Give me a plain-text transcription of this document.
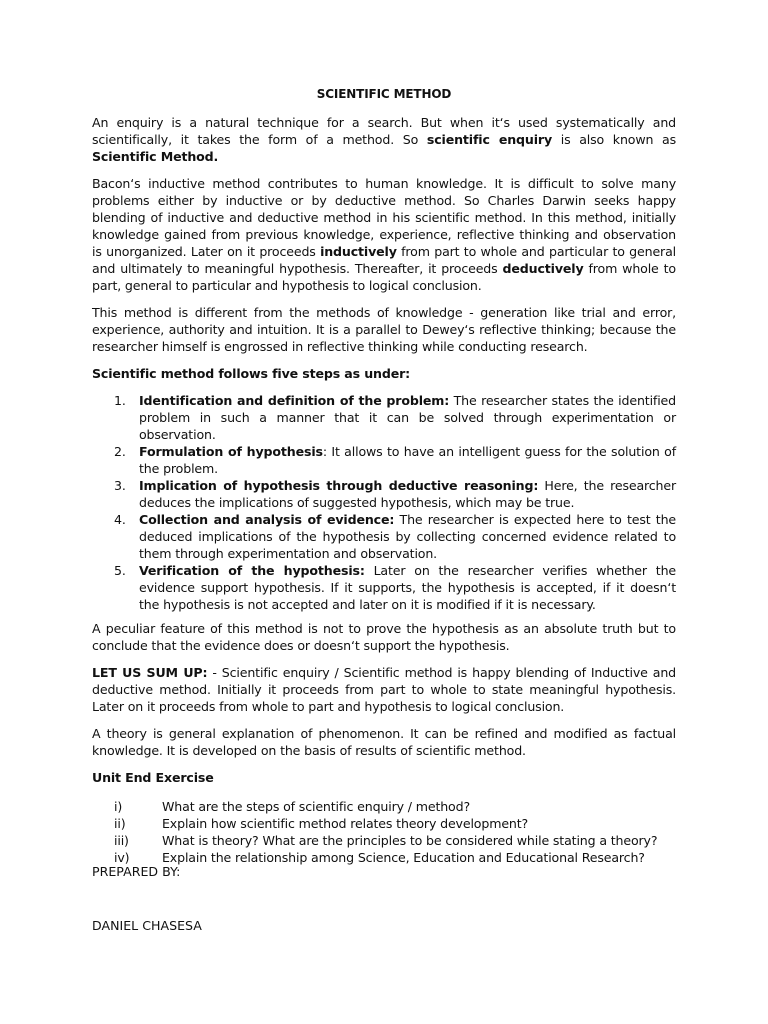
SCIENTIFIC METHOD

An enquiry is a natural technique for a search. But when it‘s used systematically and scientifically, it takes the form of a method. So scientific enquiry is also known as Scientific Method.

Bacon‘s inductive method contributes to human knowledge. It is difficult to solve many problems either by inductive or by deductive method. So Charles Darwin seeks happy blending of inductive and deductive method in his scientific method. In this method, initially knowledge gained from previous knowledge, experience, reflective thinking and observation is unorganized. Later on it proceeds inductively from part to whole and particular to general and ultimately to meaningful hypothesis. Thereafter, it proceeds deductively from whole to part, general to particular and hypothesis to logical conclusion.

This method is different from the methods of knowledge - generation like trial and error, experience, authority and intuition. It is a parallel to Dewey‘s reflective thinking; because the researcher himself is engrossed in reflective thinking while conducting research.

Scientific method follows five steps as under:
1. Identification and definition of the problem: The researcher states the identified problem in such a manner that it can be solved through experimentation or observation.
2. Formulation of hypothesis: It allows to have an intelligent guess for the solution of the problem.
3. Implication of hypothesis through deductive reasoning: Here, the researcher deduces the implications of suggested hypothesis, which may be true.
4. Collection and analysis of evidence: The researcher is expected here to test the deduced implications of the hypothesis by collecting concerned evidence related to them through experimentation and observation.
5. Verification of the hypothesis: Later on the researcher verifies whether the evidence support hypothesis. If it supports, the hypothesis is accepted, if it doesn‘t the hypothesis is not accepted and later on it is modified if it is necessary.

A peculiar feature of this method is not to prove the hypothesis as an absolute truth but to conclude that the evidence does or doesn‘t support the hypothesis.

LET US SUM UP: - Scientific enquiry / Scientific method is happy blending of Inductive and deductive method. Initially it proceeds from part to whole to state meaningful hypothesis. Later on it proceeds from whole to part and hypothesis to logical conclusion.

A theory is general explanation of phenomenon. It can be refined and modified as factual knowledge. It is developed on the basis of results of scientific method.

Unit End Exercise
i)	What are the steps of scientific enquiry / method?
ii)	Explain how scientific method relates theory development?
iii)	What is theory? What are the principles to be considered while stating a theory?
iv)	Explain the relationship among Science, Education and Educational Research?
PREPARED BY:
DANIEL CHASESA
